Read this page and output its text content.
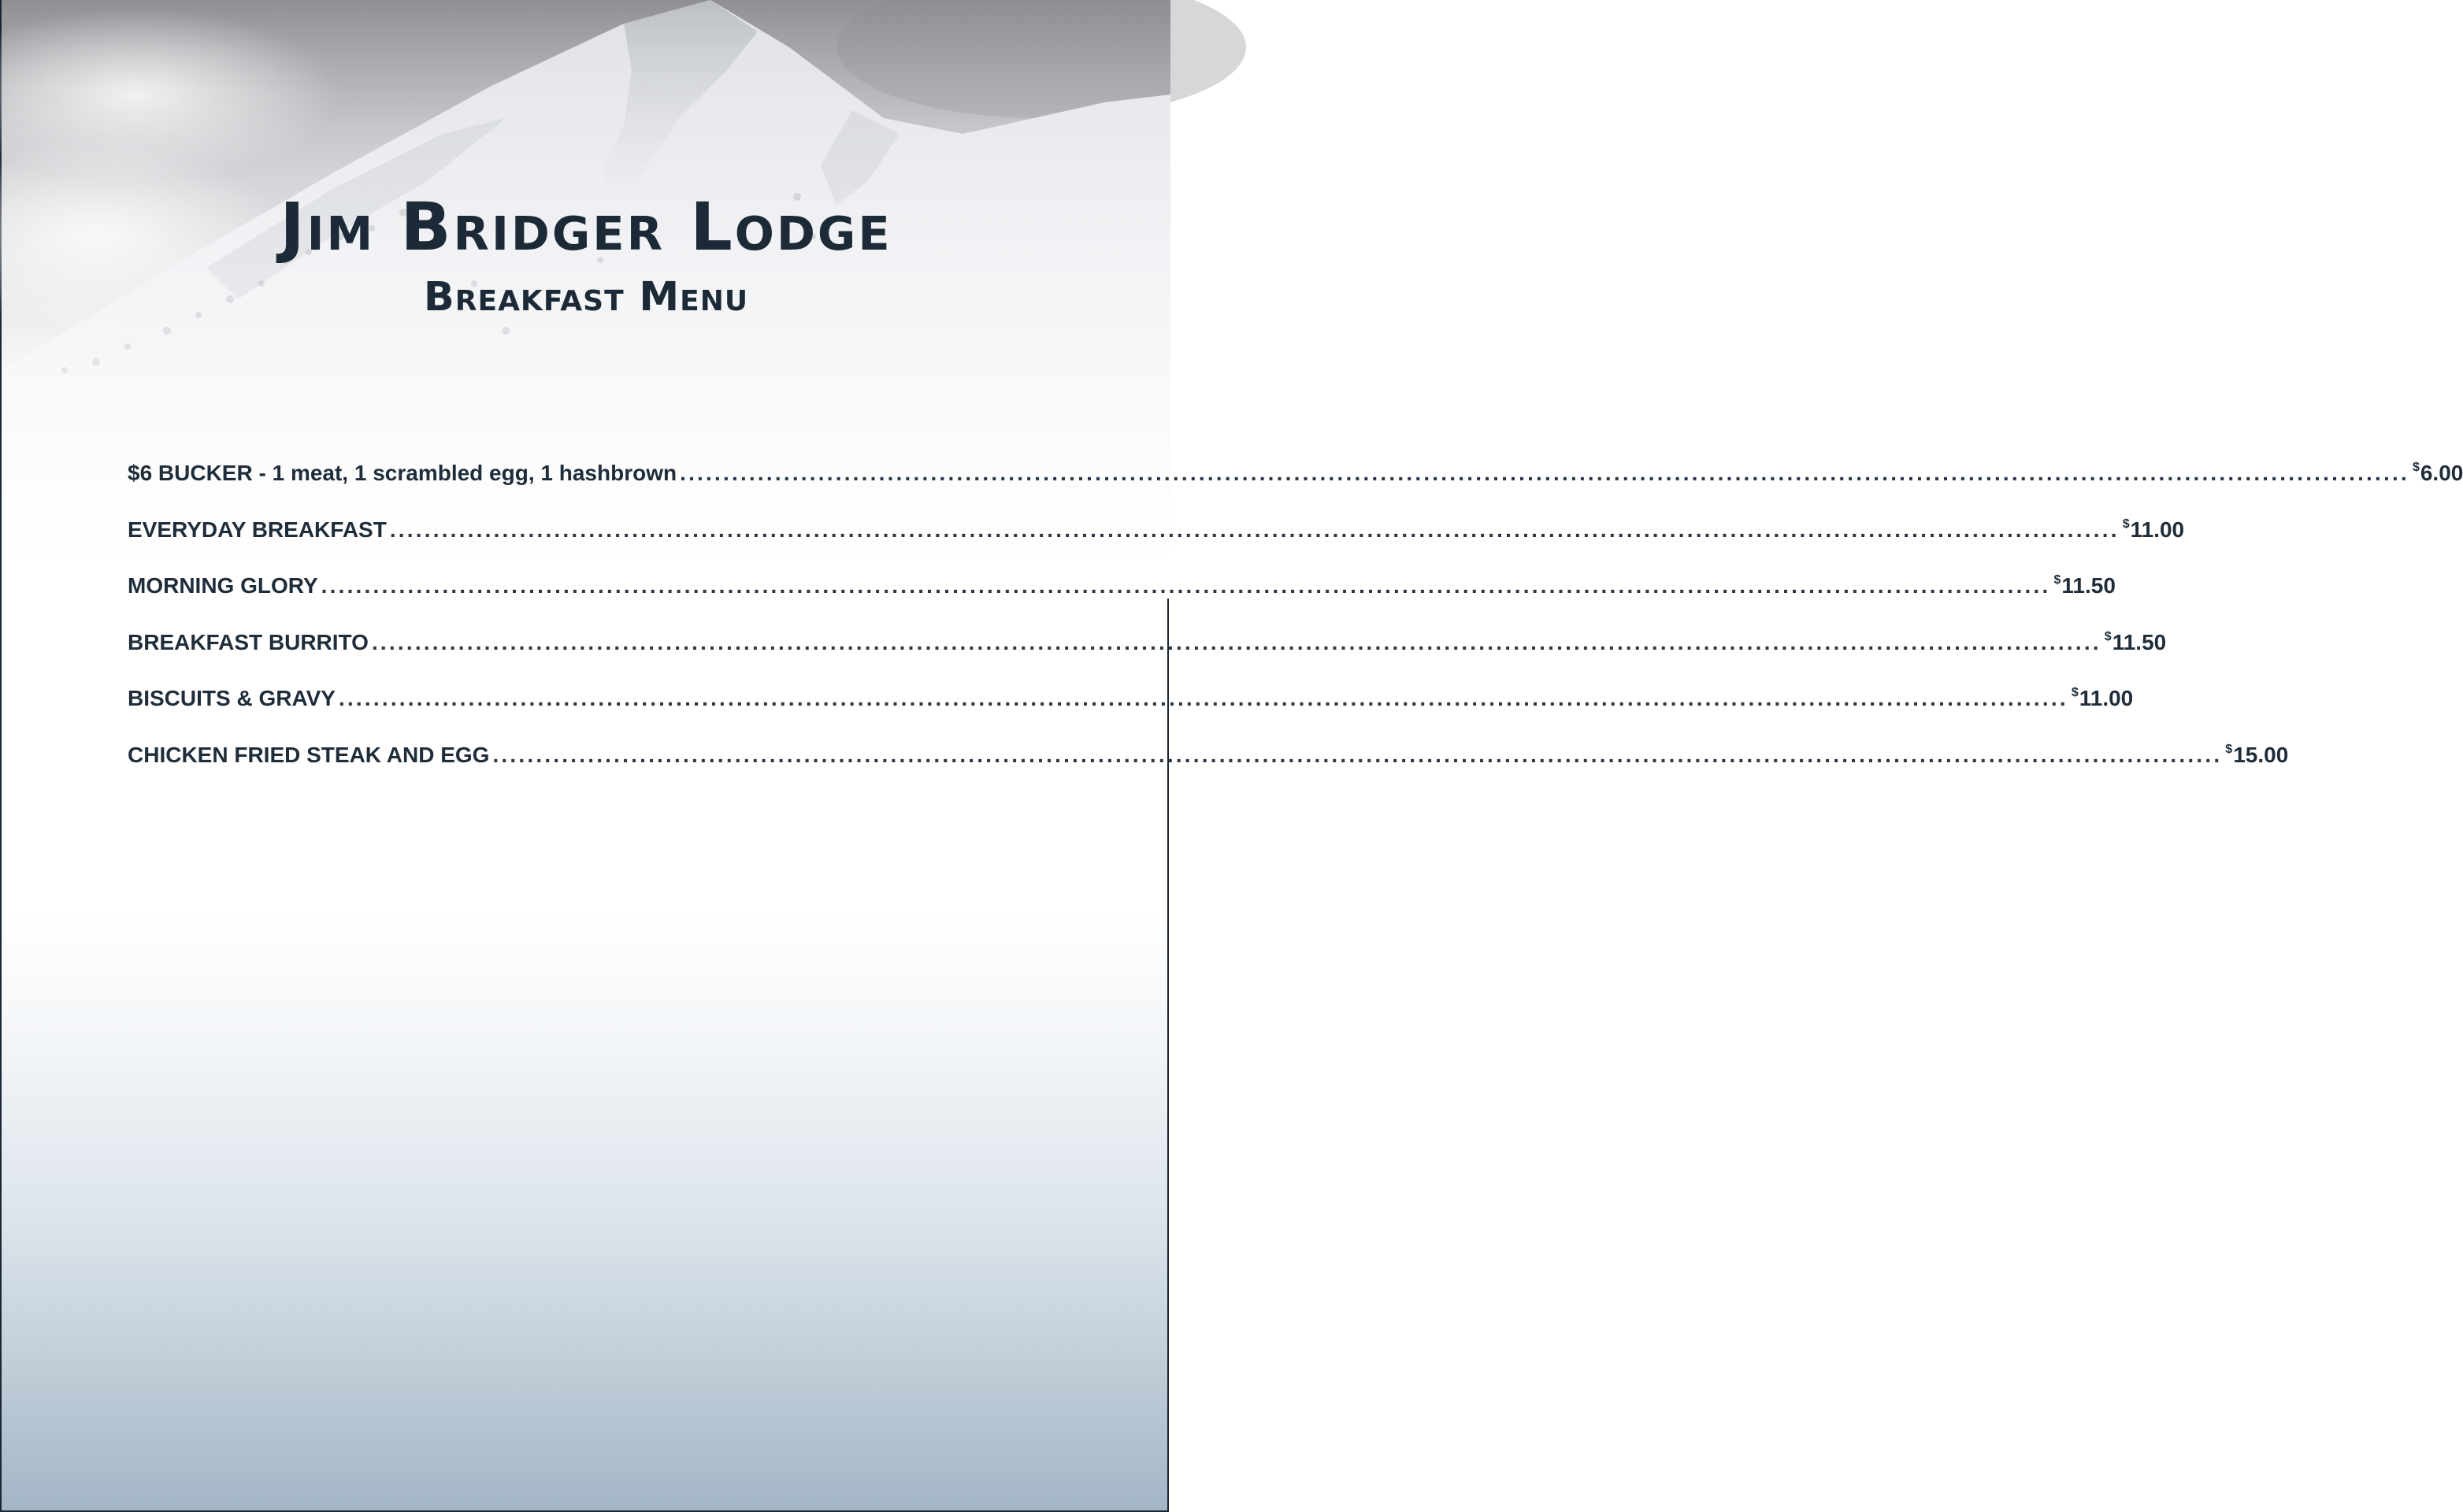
Jim Bridger Lodge
Breakfast Menu
$6 BUCKER - 1 meat, 1 scrambled egg, 1 hashbrown ........................................................................................................................................................................................................ $6.00
EVERYDAY BREAKFAST ........................................................................................................................................................................................................ $11.00
MORNING GLORY ........................................................................................................................................................................................................ $11.50
BREAKFAST BURRITO ........................................................................................................................................................................................................ $11.50
BISCUITS & GRAVY ........................................................................................................................................................................................................ $11.00
CHICKEN FRIED STEAK AND EGG ........................................................................................................................................................................................................ $15.00
